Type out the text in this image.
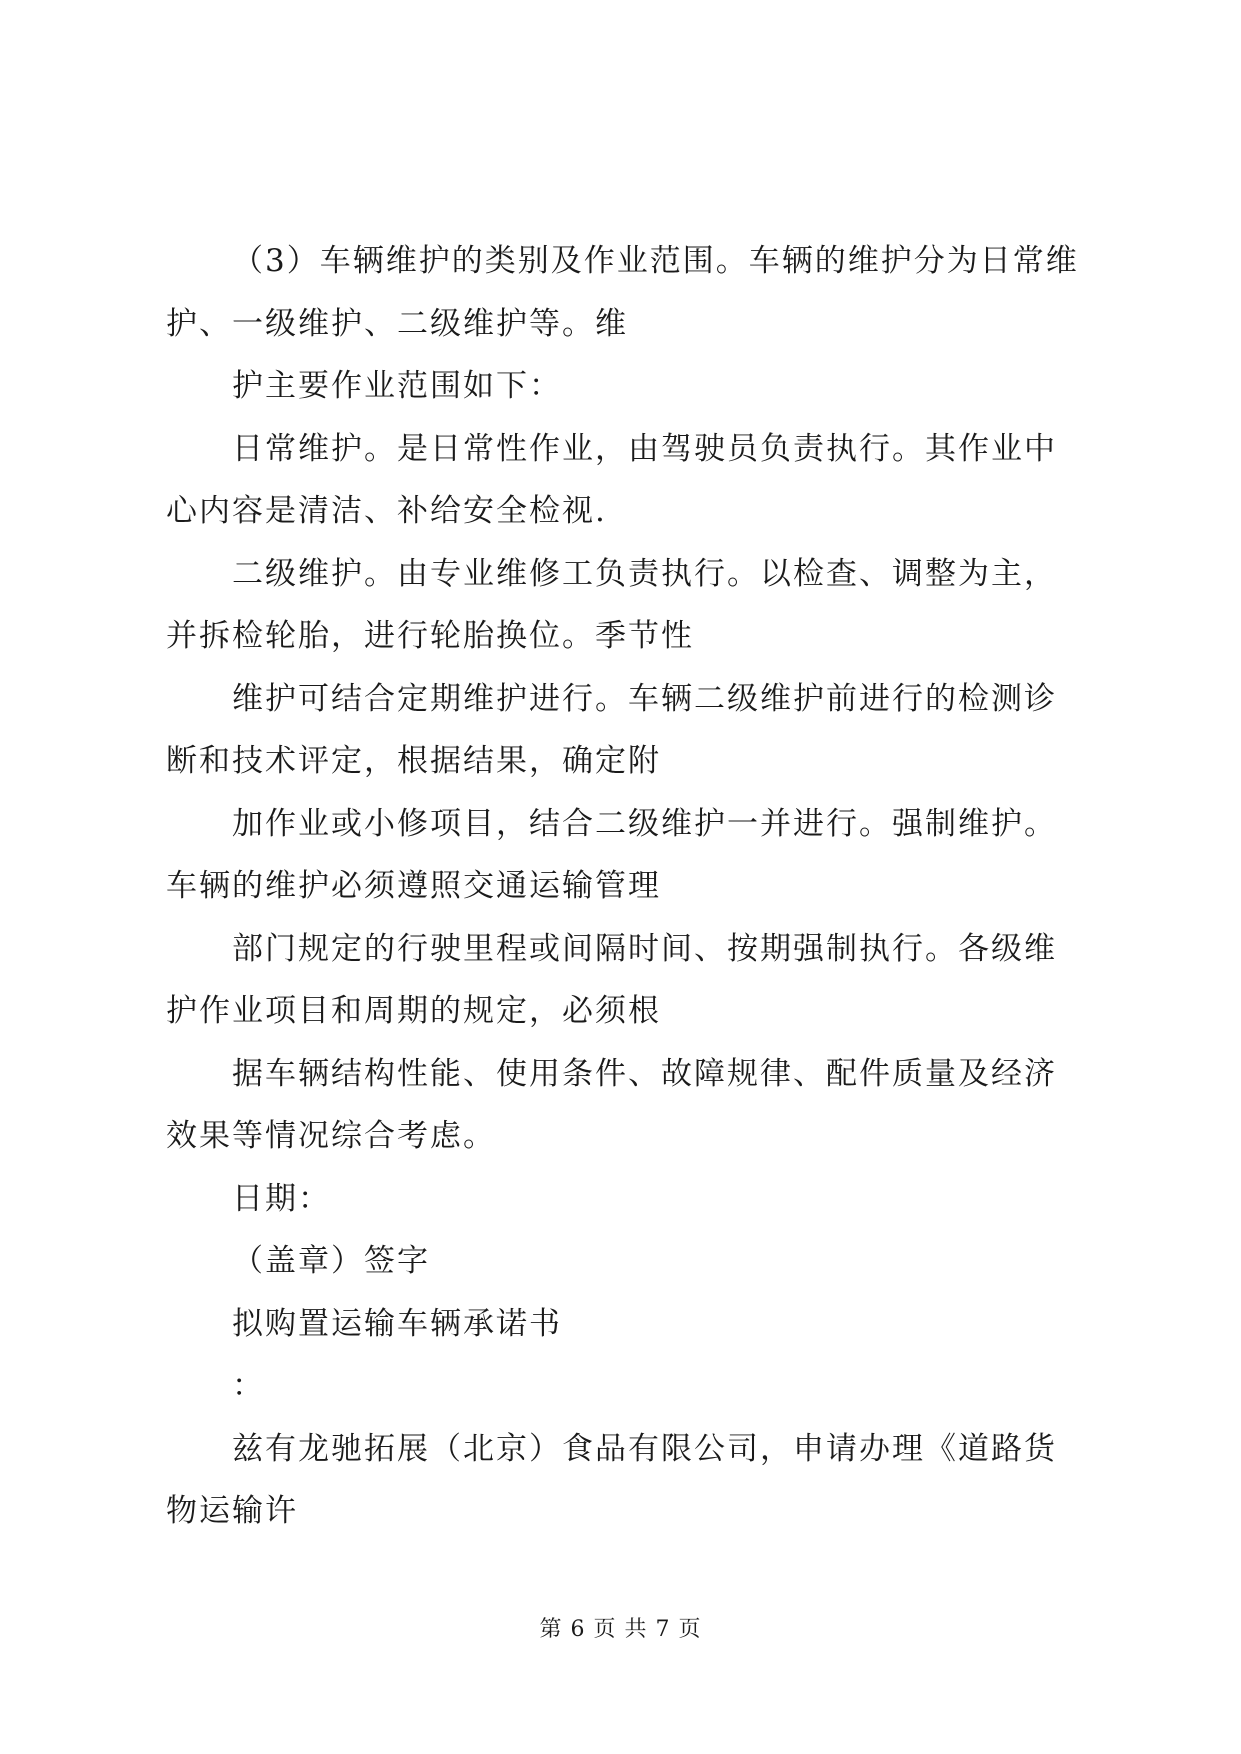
（3）车辆维护的类别及作业范围。车辆的维护分为日常维护、一级维护、二级维护等。维

护主要作业范围如下：

日常维护。是日常性作业，由驾驶员负责执行。其作业中心内容是清洁、补给安全检视.

二级维护。由专业维修工负责执行。以检查、调整为主，并拆检轮胎，进行轮胎换位。季节性

维护可结合定期维护进行。车辆二级维护前进行的检测诊断和技术评定，根据结果，确定附

加作业或小修项目，结合二级维护一并进行。强制维护。车辆的维护必须遵照交通运输管理

部门规定的行驶里程或间隔时间、按期强制执行。各级维护作业项目和周期的规定，必须根

据车辆结构性能、使用条件、故障规律、配件质量及经济效果等情况综合考虑。

日期：

（盖章）签字

拟购置运输车辆承诺书

：

兹有龙驰拓展（北京）食品有限公司，申请办理《道路货物运输许

第 6 页 共 7 页
